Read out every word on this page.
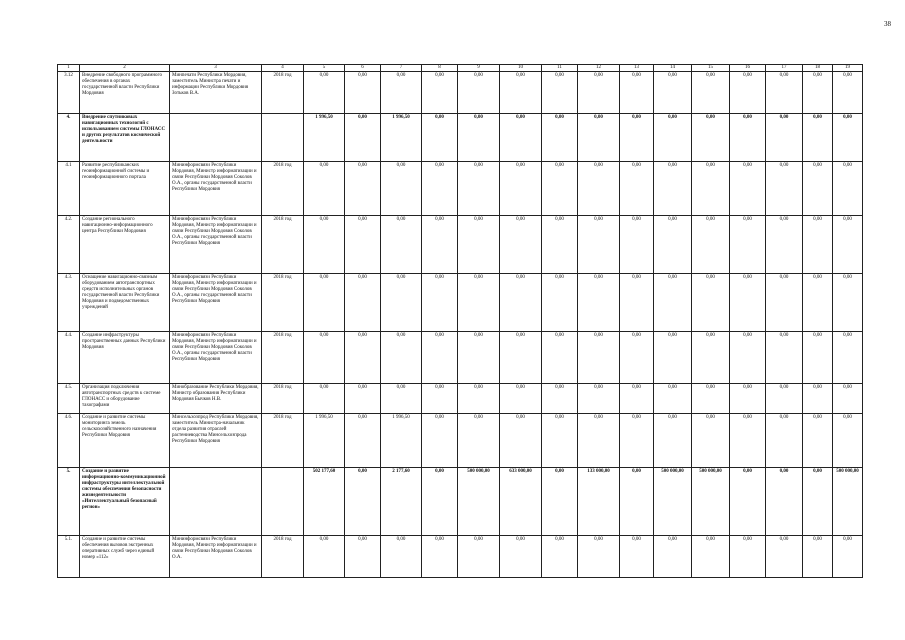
38
1	2	3	4	5	6	7	8	9	10	11	12	13	14	15	16	17	18	19
3.12	Внедрение свободного программного обеспечения в органах государственной власти Республики Мордовия	Минпечати Республики Мордовия, заместитель Министра печати и информации Республики Мордовия Зотьков В.А.	2018 год	0,00	0,00	0,00	0,00	0,00	0,00	0,00	0,00	0,00	0,00	0,00	0,00	0,00	0,00	0,00
4.	Внедрение спутниковых навигационных технологий с использованием системы ГЛОНАСС и других результатов космической деятельности			1 996,50	0,00	1 996,50	0,00	0,00	0,00	0,00	0,00	0,00	0,00	0,00	0,00	0,00	0,00	0,00
4.1	Развитие республиканских геоинформационной системы и геоинформационного портала	Мининформсвязи Республики Мордовия, Министр информатизации и связи Республики Мордовия Соколов О.А., органы государственной власти Республики Мордовия	2018 год	0,00	0,00	0,00	0,00	0,00	0,00	0,00	0,00	0,00	0,00	0,00	0,00	0,00	0,00	0,00
4.2.	Создание регионального навигационно-информационного центра Республики Мордовия	Мининформсвязи Республики Мордовия, Министр информатизации и связи Республики Мордовия Соколов О.А., органы государственной власти Республики Мордовия	2018 год	0,00	0,00	0,00	0,00	0,00	0,00	0,00	0,00	0,00	0,00	0,00	0,00	0,00	0,00	0,00
4.3.	Оснащение навигационно-связным оборудованием автотранспортных средств исполнительных органов государственной власти Республики Мордовия и подведомственных учреждений	Мининформсвязи Республики Мордовия, Министр информатизации и связи Республики Мордовия Соколов О.А., органы государственной власти Республики Мордовия	2018 год	0,00	0,00	0,00	0,00	0,00	0,00	0,00	0,00	0,00	0,00	0,00	0,00	0,00	0,00	0,00
4.4.	Создание инфраструктуры пространственных данных Республики Мордовия	Мининформсвязи Республики Мордовия, Министр информатизации и связи Республики Мордовия Соколов О.А., органы государственной власти Республики Мордовия	2018 год	0,00	0,00	0,00	0,00	0,00	0,00	0,00	0,00	0,00	0,00	0,00	0,00	0,00	0,00	0,00
4.5.	Организация подключения автотранспортных средств к системе ГЛОНАСС и оборудование тахографами	Минобразование Республики Мордовия, Министр образования Республики Мордовия Бычков Н.В.	2018 год	0,00	0,00	0,00	0,00	0,00	0,00	0,00	0,00	0,00	0,00	0,00	0,00	0,00	0,00	0,00
4.6.	Создание и развитие системы мониторинга земель сельскохозяйственного назначения Республики Мордовия	Минсельхозпрод Республики Мордовия, заместитель Министра-начальник отдела развития отраслей растениеводства Минсельхозпрода Республики Мордовия	2018 год	1 996,50	0,00	1 996,50	0,00	0,00	0,00	0,00	0,00	0,00	0,00	0,00	0,00	0,00	0,00	0,00
5.	Создание и развитие информационно-коммуникационной инфраструктуры интеллектуальной системы обеспечения безопасности жизнедеятельности «Интеллектуальный безопасный регион»			502 177,60	0,00	2 177,60	0,00	500 000,00	633 000,00	0,00	133 000,00	0,00	500 000,00	500 000,00	0,00	0,00	0,00	500 000,00
5.1.	Создание и развитие системы обеспечения вызовов экстренных оперативных служб через единый номер «112»	Мининформсвязи Республики Мордовия, Министр информатизации и связи Республики Мордовия Соколов О.А.	2018 год	0,00	0,00	0,00	0,00	0,00	0,00	0,00	0,00	0,00	0,00	0,00	0,00	0,00	0,00	0,00
